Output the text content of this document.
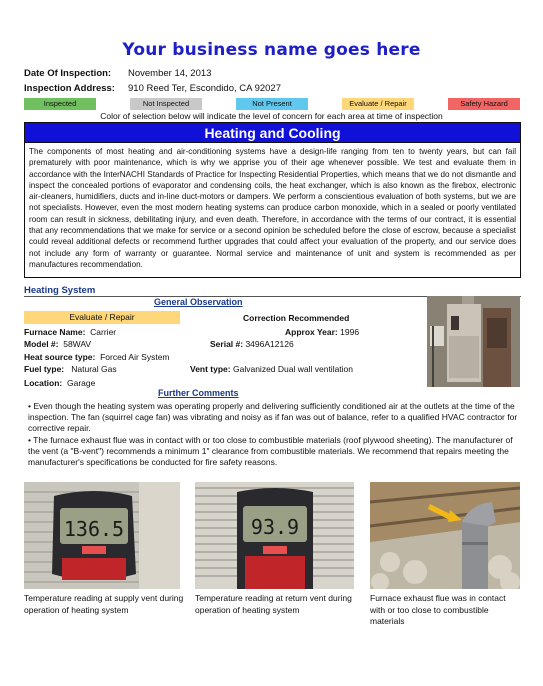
Your business name goes here
Date Of Inspection: November 14, 2013
Inspection Address: 910 Reed Ter, Escondido, CA 92027
Inspected	Not Inspected	Not Present	Evaluate / Repair	Safety Hazard
Color of selection below will indicate the level of concern for each area at time of inspection
Heating and Cooling
The components of most heating and air-conditioning systems have a design-life ranging from ten to twenty years, but can fail prematurely with poor maintenance, which is why we apprise you of their age whenever possible. We test and evaluate them in accordance with the InterNACHI Standards of Practice for Inspecting Residential Properties, which means that we do not dismantle and inspect the concealed portions of evaporator and condensing coils, the heat exchanger, which is also known as the firebox, electronic air-cleaners, humidifiers, ducts and in-line duct-motors or dampers. We perform a conscientious evaluation of both systems, but we are not specialists. However, even the most modern heating systems can produce carbon monoxide, which in a sealed or poorly ventilated room can result in sickness, debilitating injury, and even death. Therefore, in accordance with the terms of our contract, it is essential that any recommendations that we make for service or a second opinion be scheduled before the close of escrow, because a specialist could reveal additional defects or recommend further upgrades that could affect your evaluation of the property, and our service does not include any form of warranty or guarantee. Normal service and maintenance of unit and system is recommended as per manufactures recommendation.
Heating System
General Observation
Evaluate / Repair	Correction Recommended
Furnace Name: Carrier	Approx Year: 1996
Model #: 58WAV	Serial #: 3496A12126
Heat source type: Forced Air System
Fuel type: Natural Gas	Vent type: Galvanized Dual wall ventilation
Location: Garage
Further Comments

• Even though the heating system was operating properly and delivering sufficiently conditioned air at the outlets at the time of the inspection. The fan (squirrel cage fan) was vibrating and noisy as if fan was out of balance, refer to a qualified HVAC contractor for corrective repair.

• The furnace exhaust flue was in contact with or too close to combustible materials (roof plywood sheeting). The manufacturer of the vent (a "B-vent") recommends a minimum 1" clearance from combustible materials. We recommend that repairs meeting the manufacturer's specifications be conducted for fire safety reasons.

136.5
Temperature reading at supply vent during operation of heating system
93.9
Temperature reading at return vent during operation of heating system
Furnace exhaust flue was in contact with or too close to combustible materials
